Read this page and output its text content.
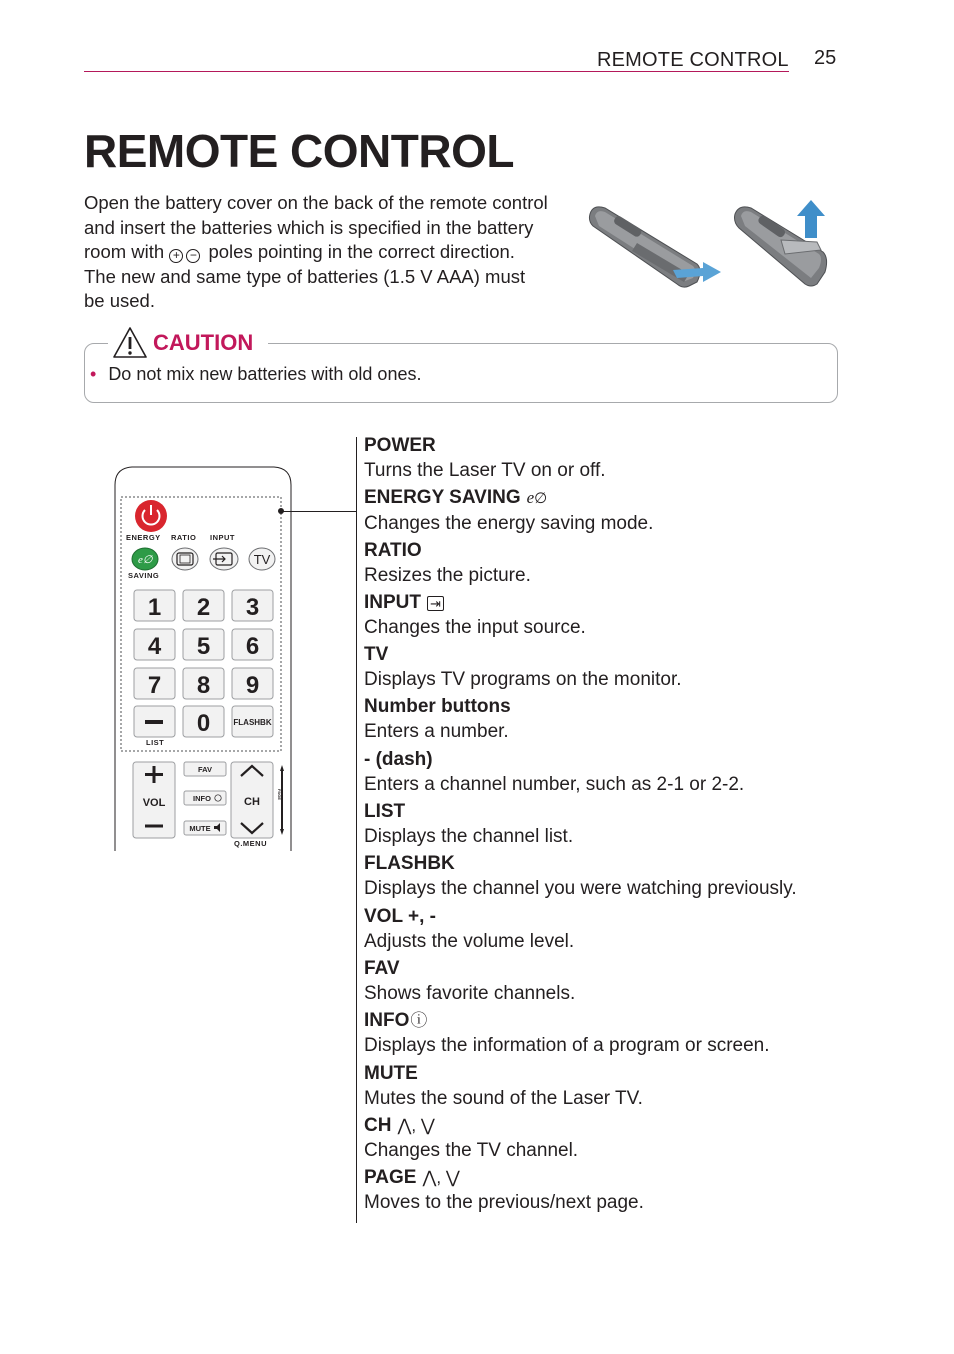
REMOTE CONTROL 25
REMOTE CONTROL
Open the battery cover on the back of the remote control
and insert the batteries which is specified in the battery
room with + − poles pointing in the correct direction.
The new and same type of batteries (1.5 V AAA) must
be used.
CAUTION
• Do not mix new batteries with old ones.
ENERGY RATIO INPUT
e∅
SAVING
TV
1 2 3
4 5 6
7 8 9
LIST
0	FLASHBK
VOL
FAV
INFO
MUTE
CH
Q.MENU
PAGE
POWER
Turns the Laser TV on or off.
ENERGY SAVING e∅
Changes the energy saving mode.
RATIO
Resizes the picture.
INPUT ⇥
Changes the input source.
TV
Displays TV programs on the monitor.
Number buttons
Enters a number.
- (dash)
Enters a channel number, such as 2-1 or 2-2.
LIST
Displays the channel list.
FLASHBK
Displays the channel you were watching previously.
VOL +, -
Adjusts the volume level.
FAV
Shows favorite channels.
INFOⓘ
Displays the information of a program or screen.
MUTE
Mutes the sound of the Laser TV.
CH ⋀, ⋁
Changes the TV channel.
PAGE ⋀, ⋁
Moves to the previous/next page.
